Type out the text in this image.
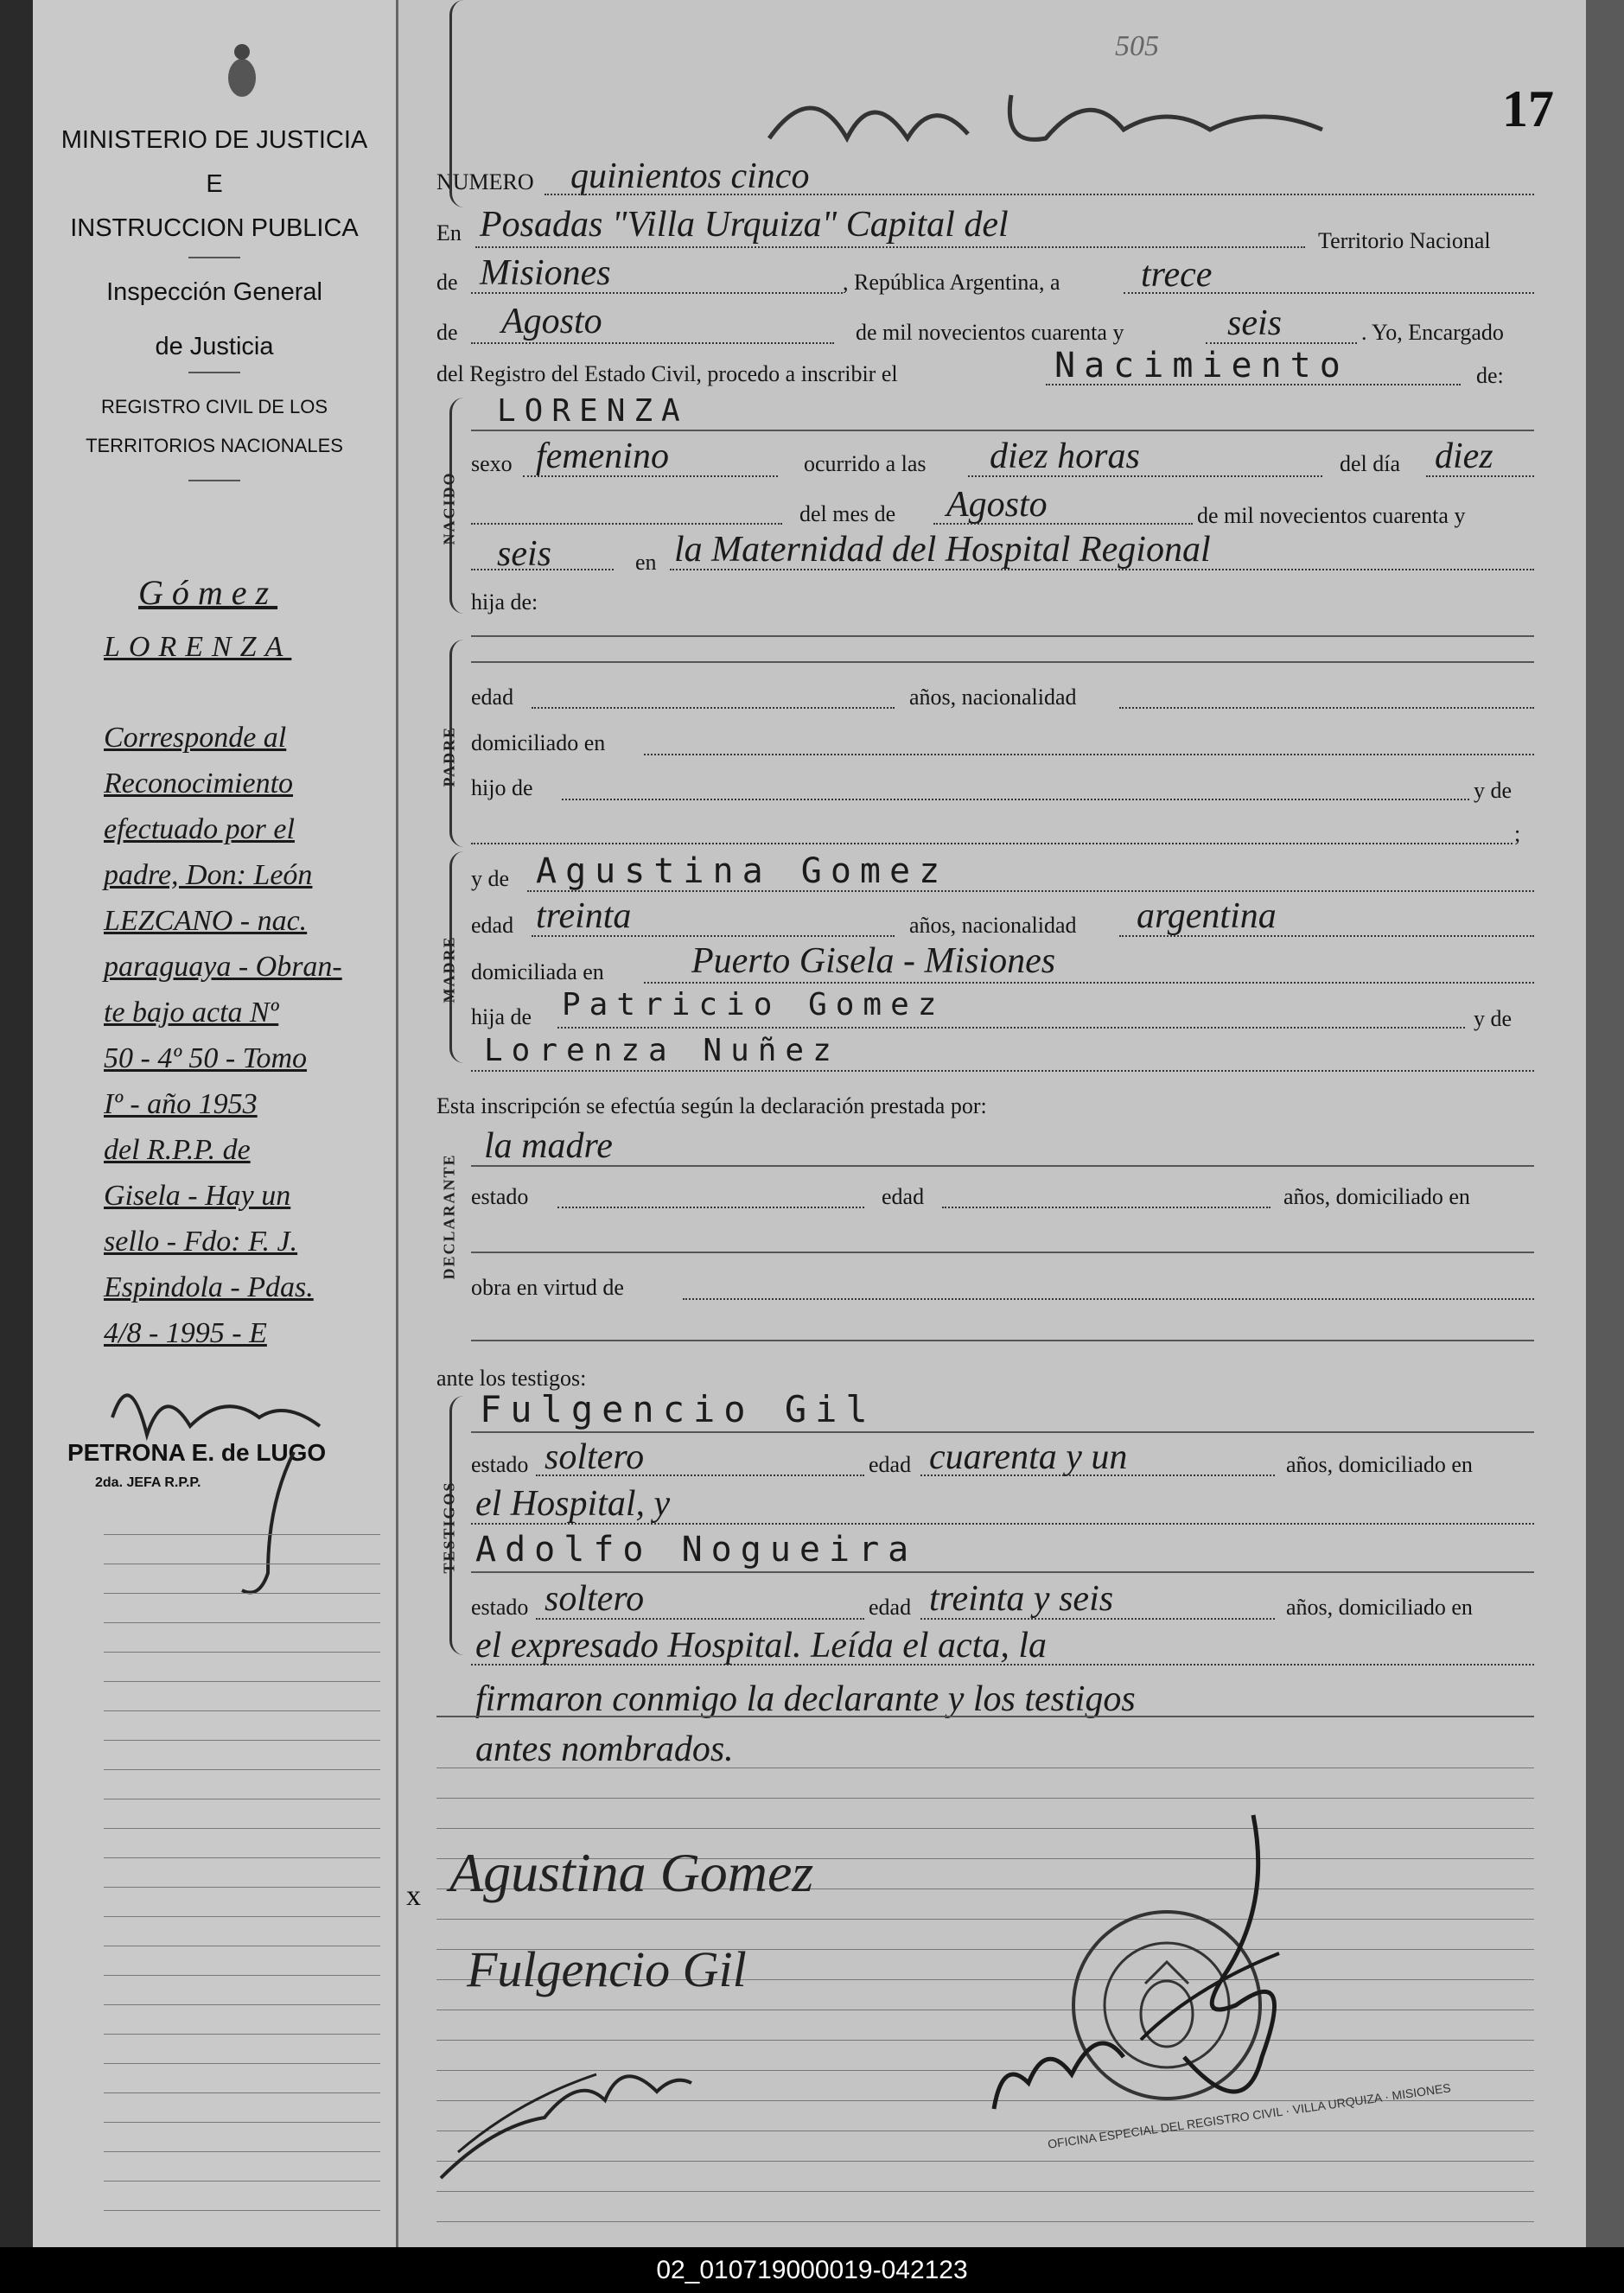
MINISTERIO DE JUSTICIA
E
INSTRUCCION PUBLICA
Inspección General
de Justicia
REGISTRO CIVIL DE LOS
TERRITORIOS NACIONALES
Gómez
LORENZA
Corresponde al
Reconocimiento
efectuado por el
padre, Don: León
LEZCANO - nac.
paraguaya - Obran-
te bajo acta Nº
50 - 4º 50 - Tomo
Iº - año 1953
del R.P.P. de
Gisela - Hay un
sello - Fdo: F. J.
Espindola - Pdas.
4/8 - 1995 - E
PETRONA E. de LUGO
2da. JEFA R.P.P.
505
17
NUMERO quinientos cinco
En Posadas "Villa Urquiza" Capital del	Territorio Nacional
de Misiones	, República Argentina, a trece
de Agosto	de mil novecientos cuarenta y	seis	. Yo, Encargado
del Registro del Estado Civil, procedo a inscribir el	Nacimiento	de:
NACIDO
LORENZA
sexo femenino	ocurrido a las diez horas	del día diez
del mes de Agosto	de mil novecientos cuarenta y
seis	en la Maternidad del Hospital Regional
hija de:
PADRE
edad	años, nacionalidad
domiciliado en
hijo de	y de
;
MADRE
y de Agustina Gomez
edad treinta	años, nacionalidad argentina
domiciliada en Puerto Gisela - Misiones
hija de Patricio Gomez	y de
Lorenza Nuñez
Esta inscripción se efectúa según la declaración prestada por:
DECLARANTE
la madre
estado	edad	años, domiciliado en
obra en virtud de
ante los testigos:
TESTIGOS
Fulgencio Gil
estado soltero	edad cuarenta y un	años, domiciliado en
el Hospital, y
Adolfo Nogueira
estado soltero	edad treinta y seis	años, domiciliado en
el expresado Hospital. Leída el acta, la
firmaron conmigo la declarante y los testigos
antes nombrados.
x Agustina Gomez
Fulgencio Gil
OFICINA ESPECIAL DEL REGISTRO CIVIL · VILLA URQUIZA · MISIONES
02_010719000019-042123
